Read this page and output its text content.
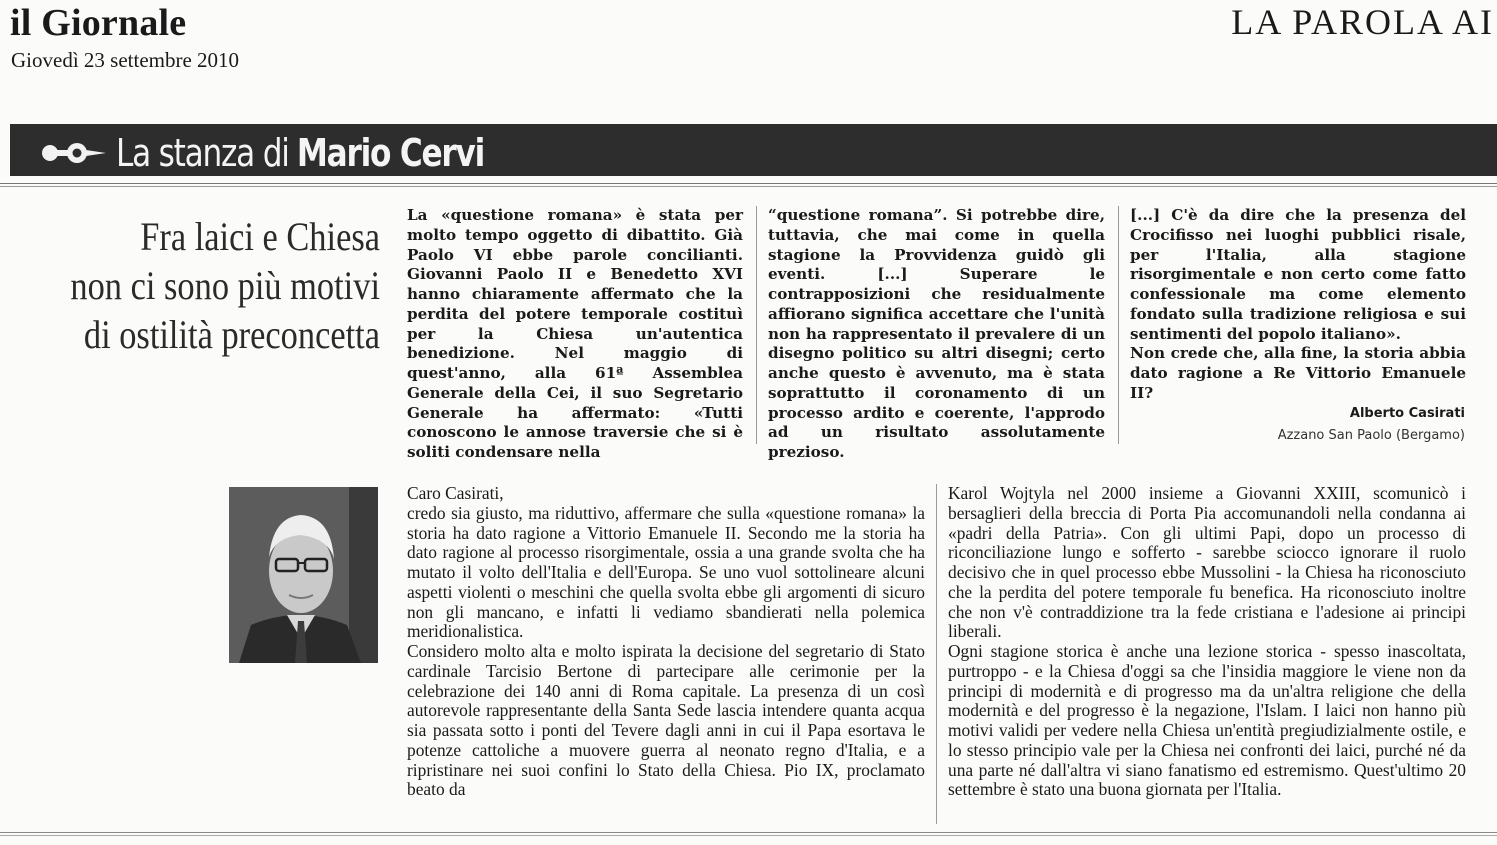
il Giornale
Giovedì 23 settembre 2010
LA PAROLA AI
La stanza di Mario Cervi
Fra laici e Chiesa
non ci sono più motivi
di ostilità preconcetta

La «questione romana» è stata per molto tempo oggetto di dibattito. Già Paolo VI ebbe parole concilianti. Giovanni Paolo II e Benedetto XVI hanno chiaramente affermato che la perdita del potere temporale costituì per la Chiesa un'autentica benedizione. Nel maggio di quest'anno, alla 61ª Assemblea Generale della Cei, il suo Segretario Generale ha affermato: «Tutti conoscono le annose traversie che si è soliti condensare nella

“questione romana”. Si potrebbe dire, tuttavia, che mai come in quella stagione la Provvidenza guidò gli eventi. [...] Superare le contrapposizioni che residualmente affiorano significa accettare che l'unità non ha rappresentato il prevalere di un disegno politico su altri disegni; certo anche questo è avvenuto, ma è stata soprattutto il coronamento di un processo ardito e coerente, l'approdo ad un risultato assolutamente prezioso.

[...] C'è da dire che la presenza del Crocifisso nei luoghi pubblici risale, per l'Italia, alla stagione risorgimentale e non certo come fatto confessionale ma come elemento fondato sulla tradizione religiosa e sui sentimenti del popolo italiano».

Non crede che, alla fine, la storia abbia dato ragione a Re Vittorio Emanuele II?

Alberto Casirati
Azzano San Paolo (Bergamo)

Caro Casirati,

credo sia giusto, ma riduttivo, affermare che sulla «questione romana» la storia ha dato ragione a Vittorio Emanuele II. Secondo me la storia ha dato ragione al processo risorgimentale, ossia a una grande svolta che ha mutato il volto dell'Italia e dell'Europa. Se uno vuol sottolineare alcuni aspetti violenti o meschini che quella svolta ebbe gli argomenti di sicuro non gli mancano, e infatti li vediamo sbandierati nella polemica meridionalistica.

Considero molto alta e molto ispirata la decisione del segretario di Stato cardinale Tarcisio Bertone di partecipare alle cerimonie per la celebrazione dei 140 anni di Roma capitale. La presenza di un così autorevole rappresentante della Santa Sede lascia intendere quanta acqua sia passata sotto i ponti del Tevere dagli anni in cui il Papa esortava le potenze cattoliche a muovere guerra al neonato regno d'Italia, e a ripristinare nei suoi confini lo Stato della Chiesa. Pio IX, proclamato beato da

Karol Wojtyla nel 2000 insieme a Giovanni XXIII, scomunicò i bersaglieri della breccia di Porta Pia accomunandoli nella condanna ai «padri della Patria». Con gli ultimi Papi, dopo un processo di riconciliazione lungo e sofferto - sarebbe sciocco ignorare il ruolo decisivo che in quel processo ebbe Mussolini - la Chiesa ha riconosciuto che la perdita del potere temporale fu benefica. Ha riconosciuto inoltre che non v'è contraddizione tra la fede cristiana e l'adesione ai principi liberali.

Ogni stagione storica è anche una lezione storica - spesso inascoltata, purtroppo - e la Chiesa d'oggi sa che l'insidia maggiore le viene non da principi di modernità e di progresso ma da un'altra religione che della modernità e del progresso è la negazione, l'Islam. I laici non hanno più motivi validi per vedere nella Chiesa un'entità pregiudizialmente ostile, e lo stesso principio vale per la Chiesa nei confronti dei laici, purché né da una parte né dall'altra vi siano fanatismo ed estremismo. Quest'ultimo 20 settembre è stato una buona giornata per l'Italia.
